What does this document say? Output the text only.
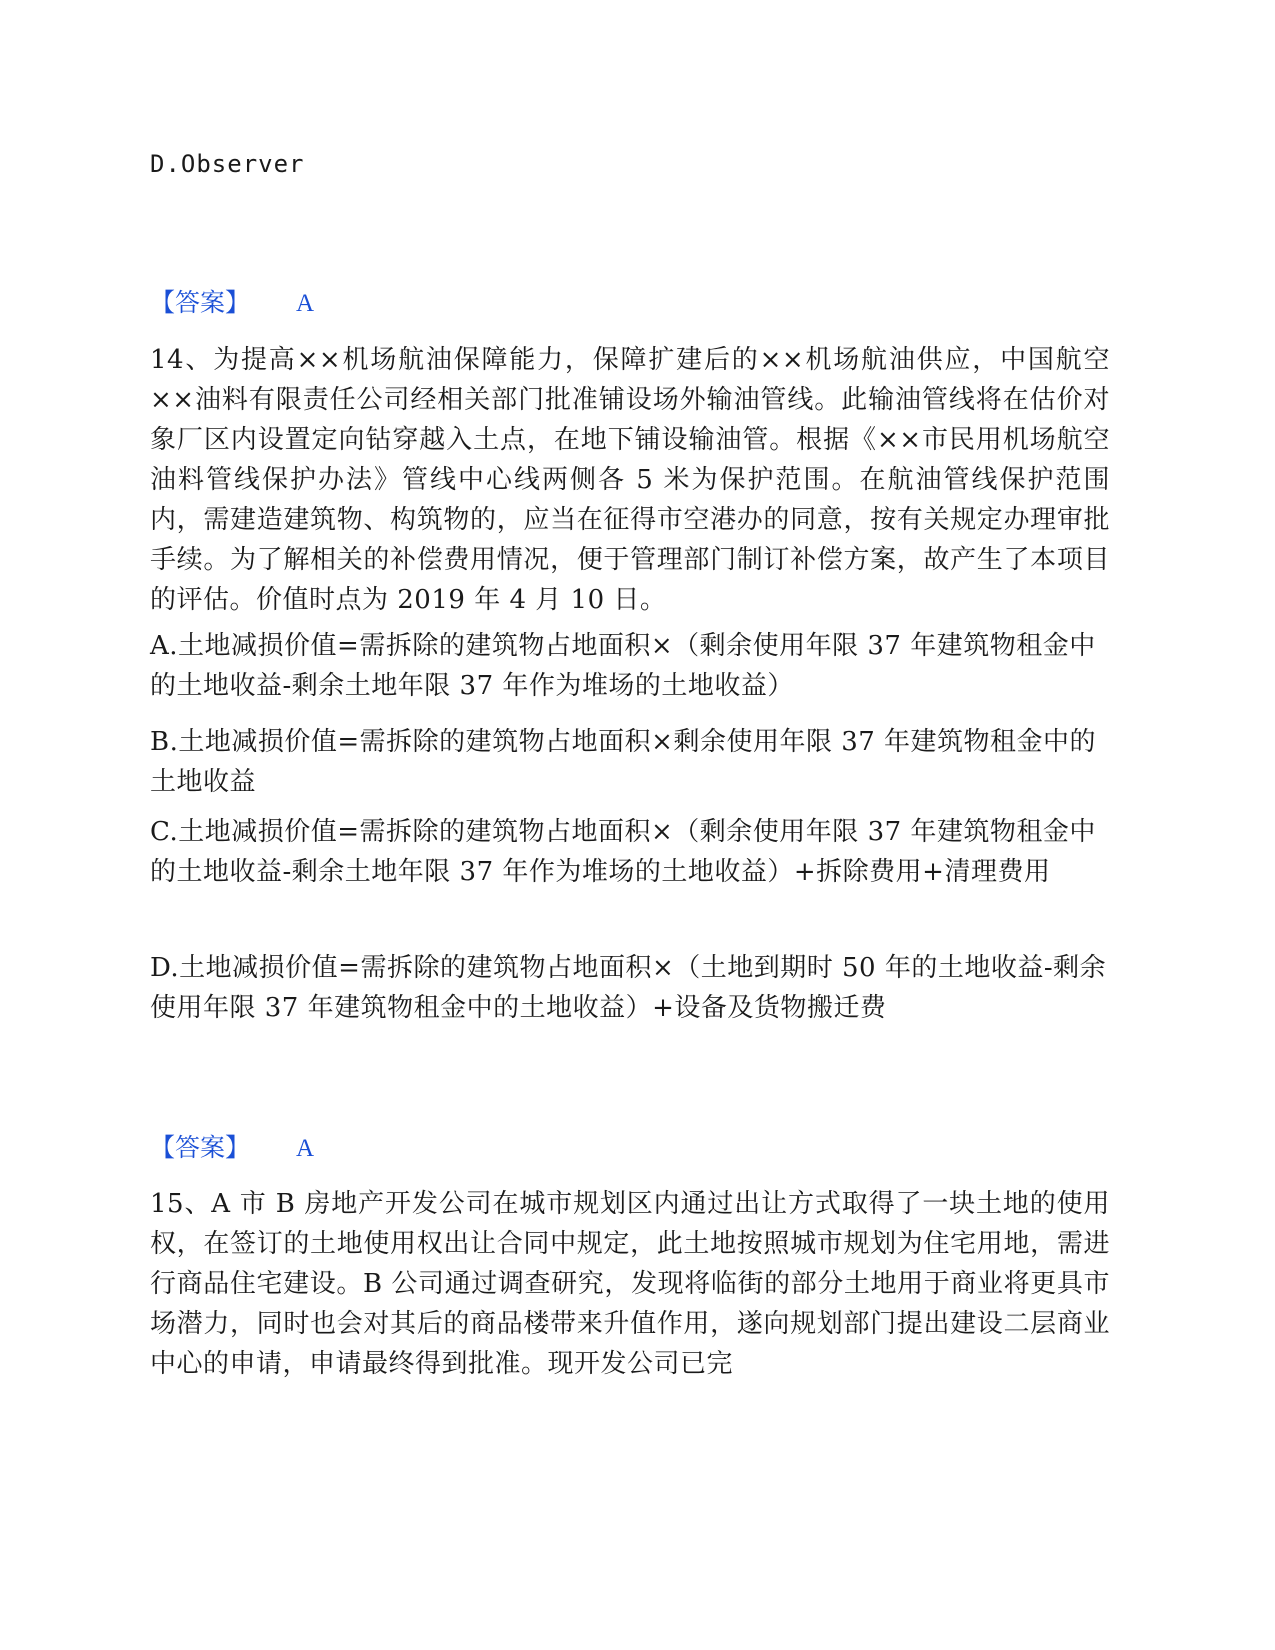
D.Observer
【答案】 A
14、为提高××机场航油保障能力，保障扩建后的××机场航油供应，中国航空××油料有限责任公司经相关部门批准铺设场外输油管线。此输油管线将在估价对象厂区内设置定向钻穿越入土点，在地下铺设输油管。根据《××市民用机场航空油料管线保护办法》管线中心线两侧各 5 米为保护范围。在航油管线保护范围内，需建造建筑物、构筑物的，应当在征得市空港办的同意，按有关规定办理审批手续。为了解相关的补偿费用情况，便于管理部门制订补偿方案，故产生了本项目的评估。价值时点为 2019 年 4 月 10 日。
A.土地减损价值=需拆除的建筑物占地面积×（剩余使用年限 37 年建筑物租金中的土地收益-剩余土地年限 37 年作为堆场的土地收益）
B.土地减损价值=需拆除的建筑物占地面积×剩余使用年限 37 年建筑物租金中的土地收益
C.土地减损价值=需拆除的建筑物占地面积×（剩余使用年限 37 年建筑物租金中的土地收益-剩余土地年限 37 年作为堆场的土地收益）+拆除费用+清理费用
D.土地减损价值=需拆除的建筑物占地面积×（土地到期时 50 年的土地收益-剩余使用年限 37 年建筑物租金中的土地收益）+设备及货物搬迁费
【答案】 A
15、A 市 B 房地产开发公司在城市规划区内通过出让方式取得了一块土地的使用权，在签订的土地使用权出让合同中规定，此土地按照城市规划为住宅用地，需进行商品住宅建设。B 公司通过调查研究，发现将临街的部分土地用于商业将更具市场潜力，同时也会对其后的商品楼带来升值作用，遂向规划部门提出建设二层商业中心的申请，申请最终得到批准。现开发公司已完
